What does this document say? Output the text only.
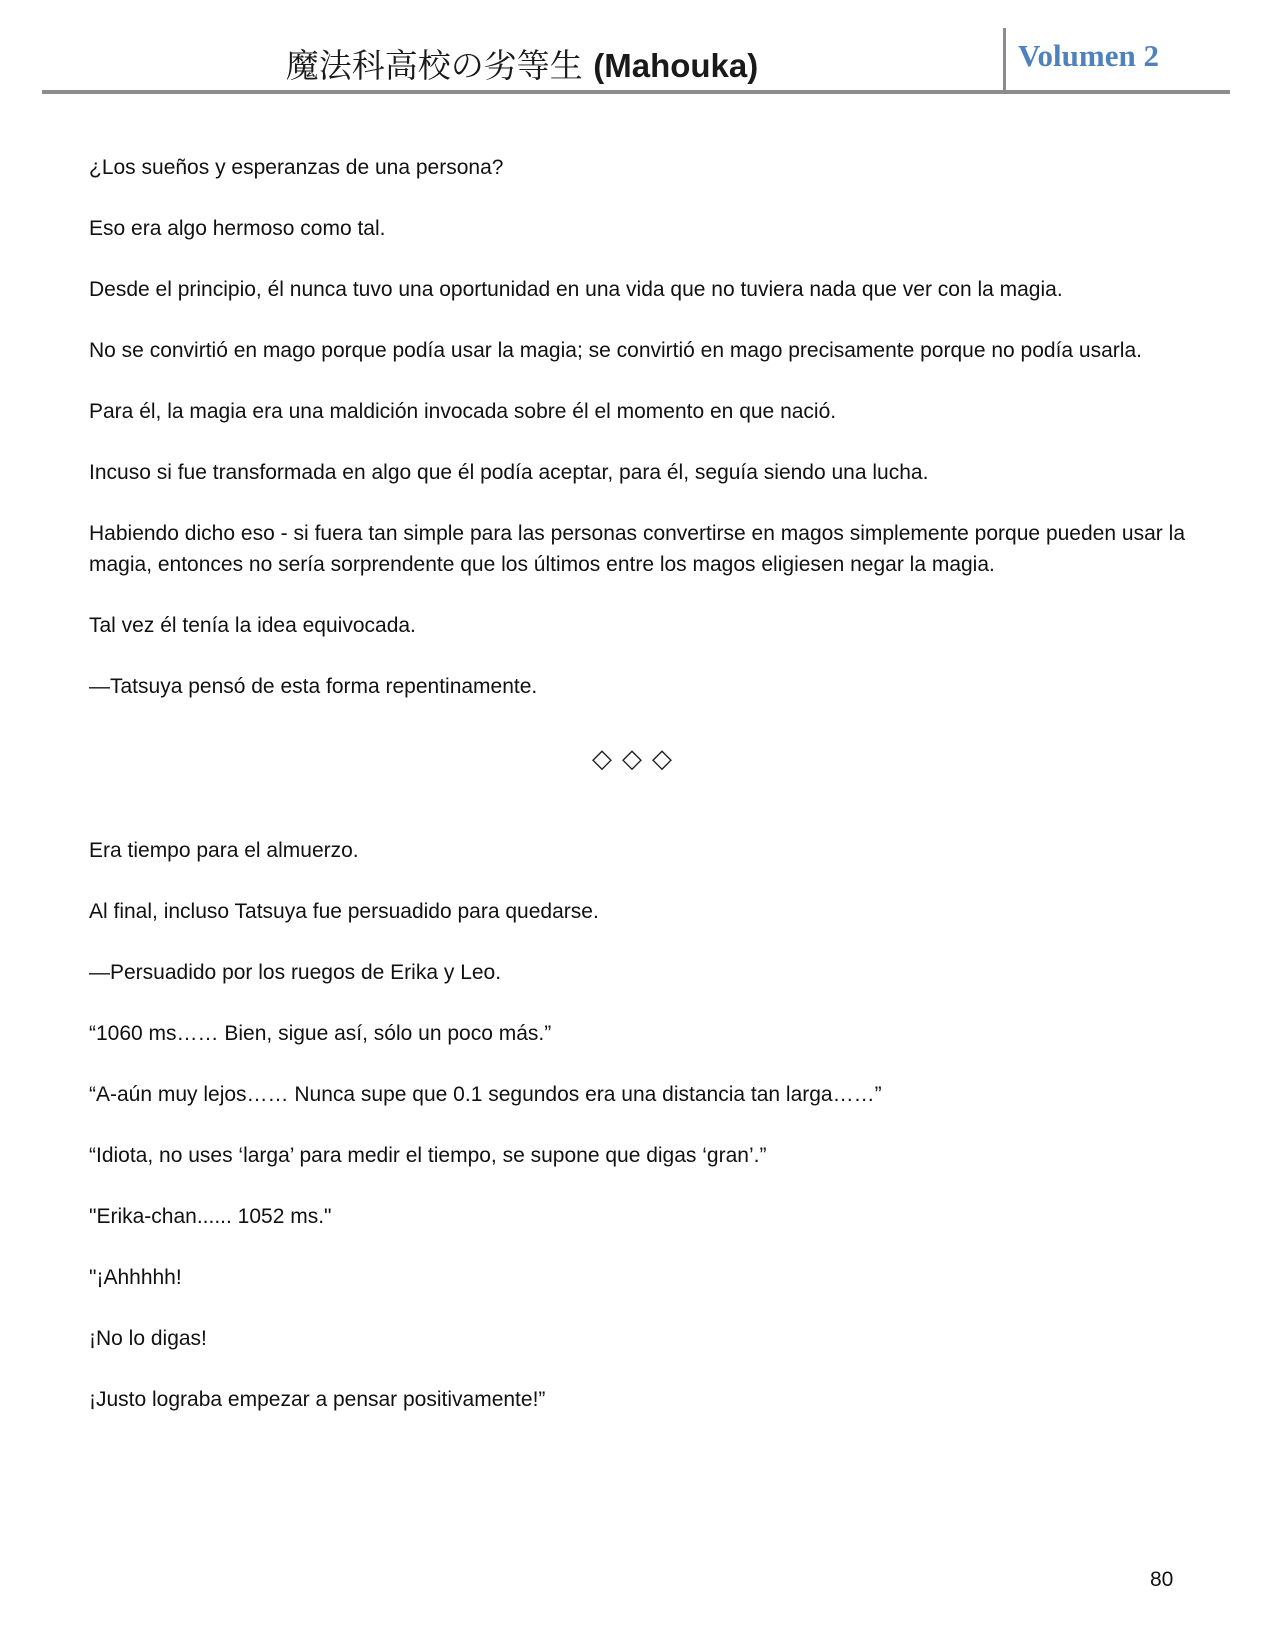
魔法科高校の劣等生 (Mahouka)	Volumen 2

¿Los sueños y esperanzas de una persona?

Eso era algo hermoso como tal.

Desde el principio, él nunca tuvo una oportunidad en una vida que no tuviera nada que ver con la magia.

No se convirtió en mago porque podía usar la magia; se convirtió en mago precisamente porque no podía usarla.

Para él, la magia era una maldición invocada sobre él el momento en que nació.

Incuso si fue transformada en algo que él podía aceptar, para él, seguía siendo una lucha.

Habiendo dicho eso - si fuera tan simple para las personas convertirse en magos simplemente porque pueden usar la magia, entonces no sería sorprendente que los últimos entre los magos eligiesen negar la magia.

Tal vez él tenía la idea equivocada.

—Tatsuya pensó de esta forma repentinamente.

◇◇◇

Era tiempo para el almuerzo.

Al final, incluso Tatsuya fue persuadido para quedarse.

—Persuadido por los ruegos de Erika y Leo.

“1060 ms…… Bien, sigue así, sólo un poco más.”

“A-aún muy lejos…… Nunca supe que 0.1 segundos era una distancia tan larga……”

“Idiota, no uses ‘larga’ para medir el tiempo, se supone que digas ‘gran’.”

"Erika-chan...... 1052 ms."

"¡Ahhhhh!

¡No lo digas!

¡Justo lograba empezar a pensar positivamente!”

80
